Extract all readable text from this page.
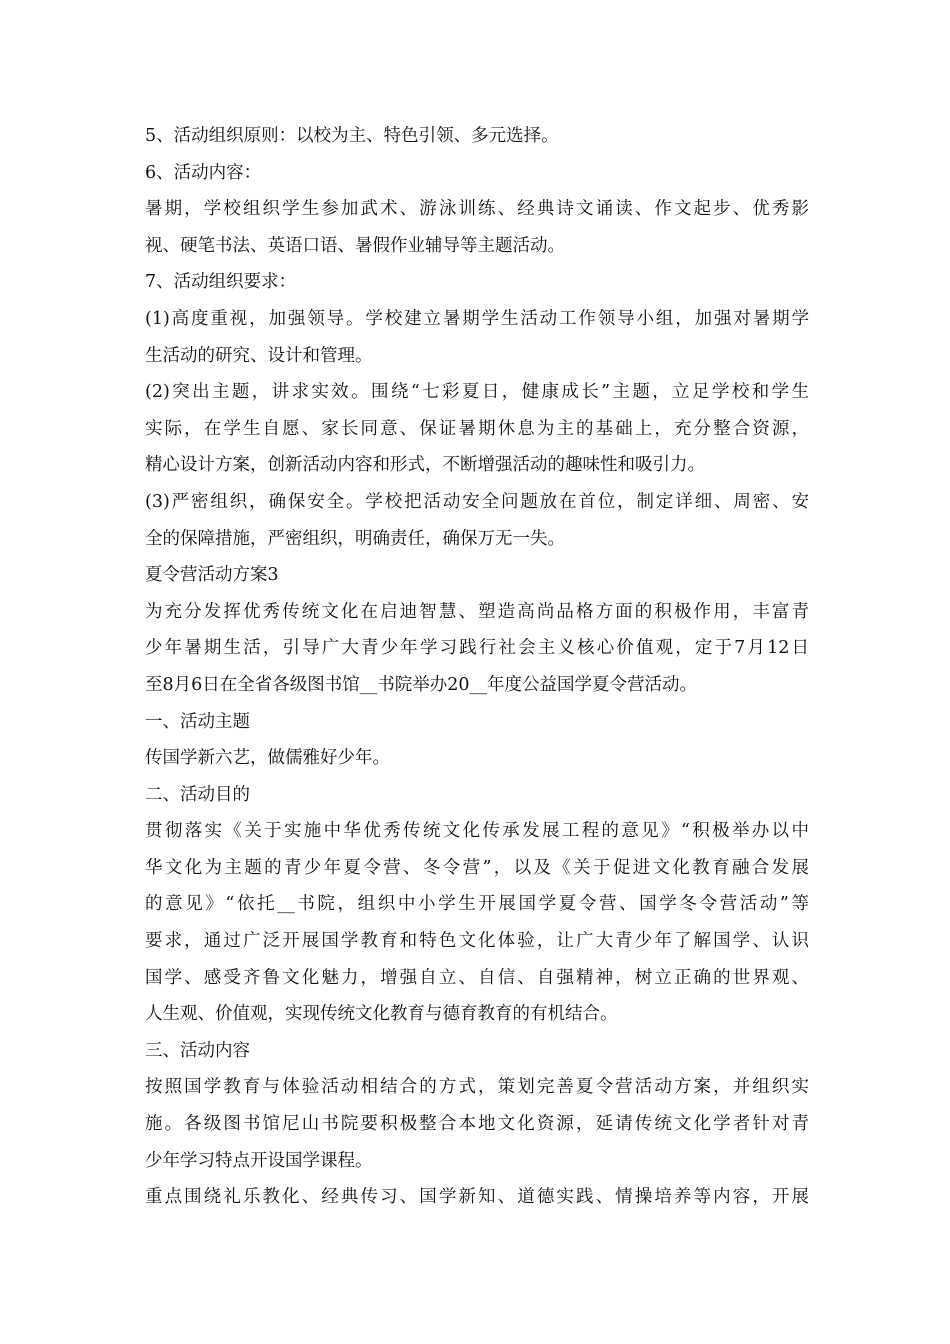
5、活动组织原则：以校为主、特色引领、多元选择。
6、活动内容：
暑期，学校组织学生参加武术、游泳训练、经典诗文诵读、作文起步、优秀影
视、硬笔书法、英语口语、暑假作业辅导等主题活动。
7、活动组织要求：
(1)高度重视，加强领导。学校建立暑期学生活动工作领导小组，加强对暑期学
生活动的研究、设计和管理。
(2)突出主题，讲求实效。围绕“七彩夏日，健康成长”主题，立足学校和学生
实际，在学生自愿、家长同意、保证暑期休息为主的基础上，充分整合资源，
精心设计方案，创新活动内容和形式，不断增强活动的趣味性和吸引力。
(3)严密组织，确保安全。学校把活动安全问题放在首位，制定详细、周密、安
全的保障措施，严密组织，明确责任，确保万无一失。
夏令营活动方案3
为充分发挥优秀传统文化在启迪智慧、塑造高尚品格方面的积极作用，丰富青
少年暑期生活，引导广大青少年学习践行社会主义核心价值观，定于7月12日
至8月6日在全省各级图书馆__书院举办20__年度公益国学夏令营活动。
一、活动主题
传国学新六艺，做儒雅好少年。
二、活动目的
贯彻落实《关于实施中华优秀传统文化传承发展工程的意见》“积极举办以中
华文化为主题的青少年夏令营、冬令营”，以及《关于促进文化教育融合发展
的意见》“依托__书院，组织中小学生开展国学夏令营、国学冬令营活动”等
要求，通过广泛开展国学教育和特色文化体验，让广大青少年了解国学、认识
国学、感受齐鲁文化魅力，增强自立、自信、自强精神，树立正确的世界观、
人生观、价值观，实现传统文化教育与德育教育的有机结合。
三、活动内容
按照国学教育与体验活动相结合的方式，策划完善夏令营活动方案，并组织实
施。各级图书馆尼山书院要积极整合本地文化资源，延请传统文化学者针对青
少年学习特点开设国学课程。
重点围绕礼乐教化、经典传习、国学新知、道德实践、情操培养等内容，开展
